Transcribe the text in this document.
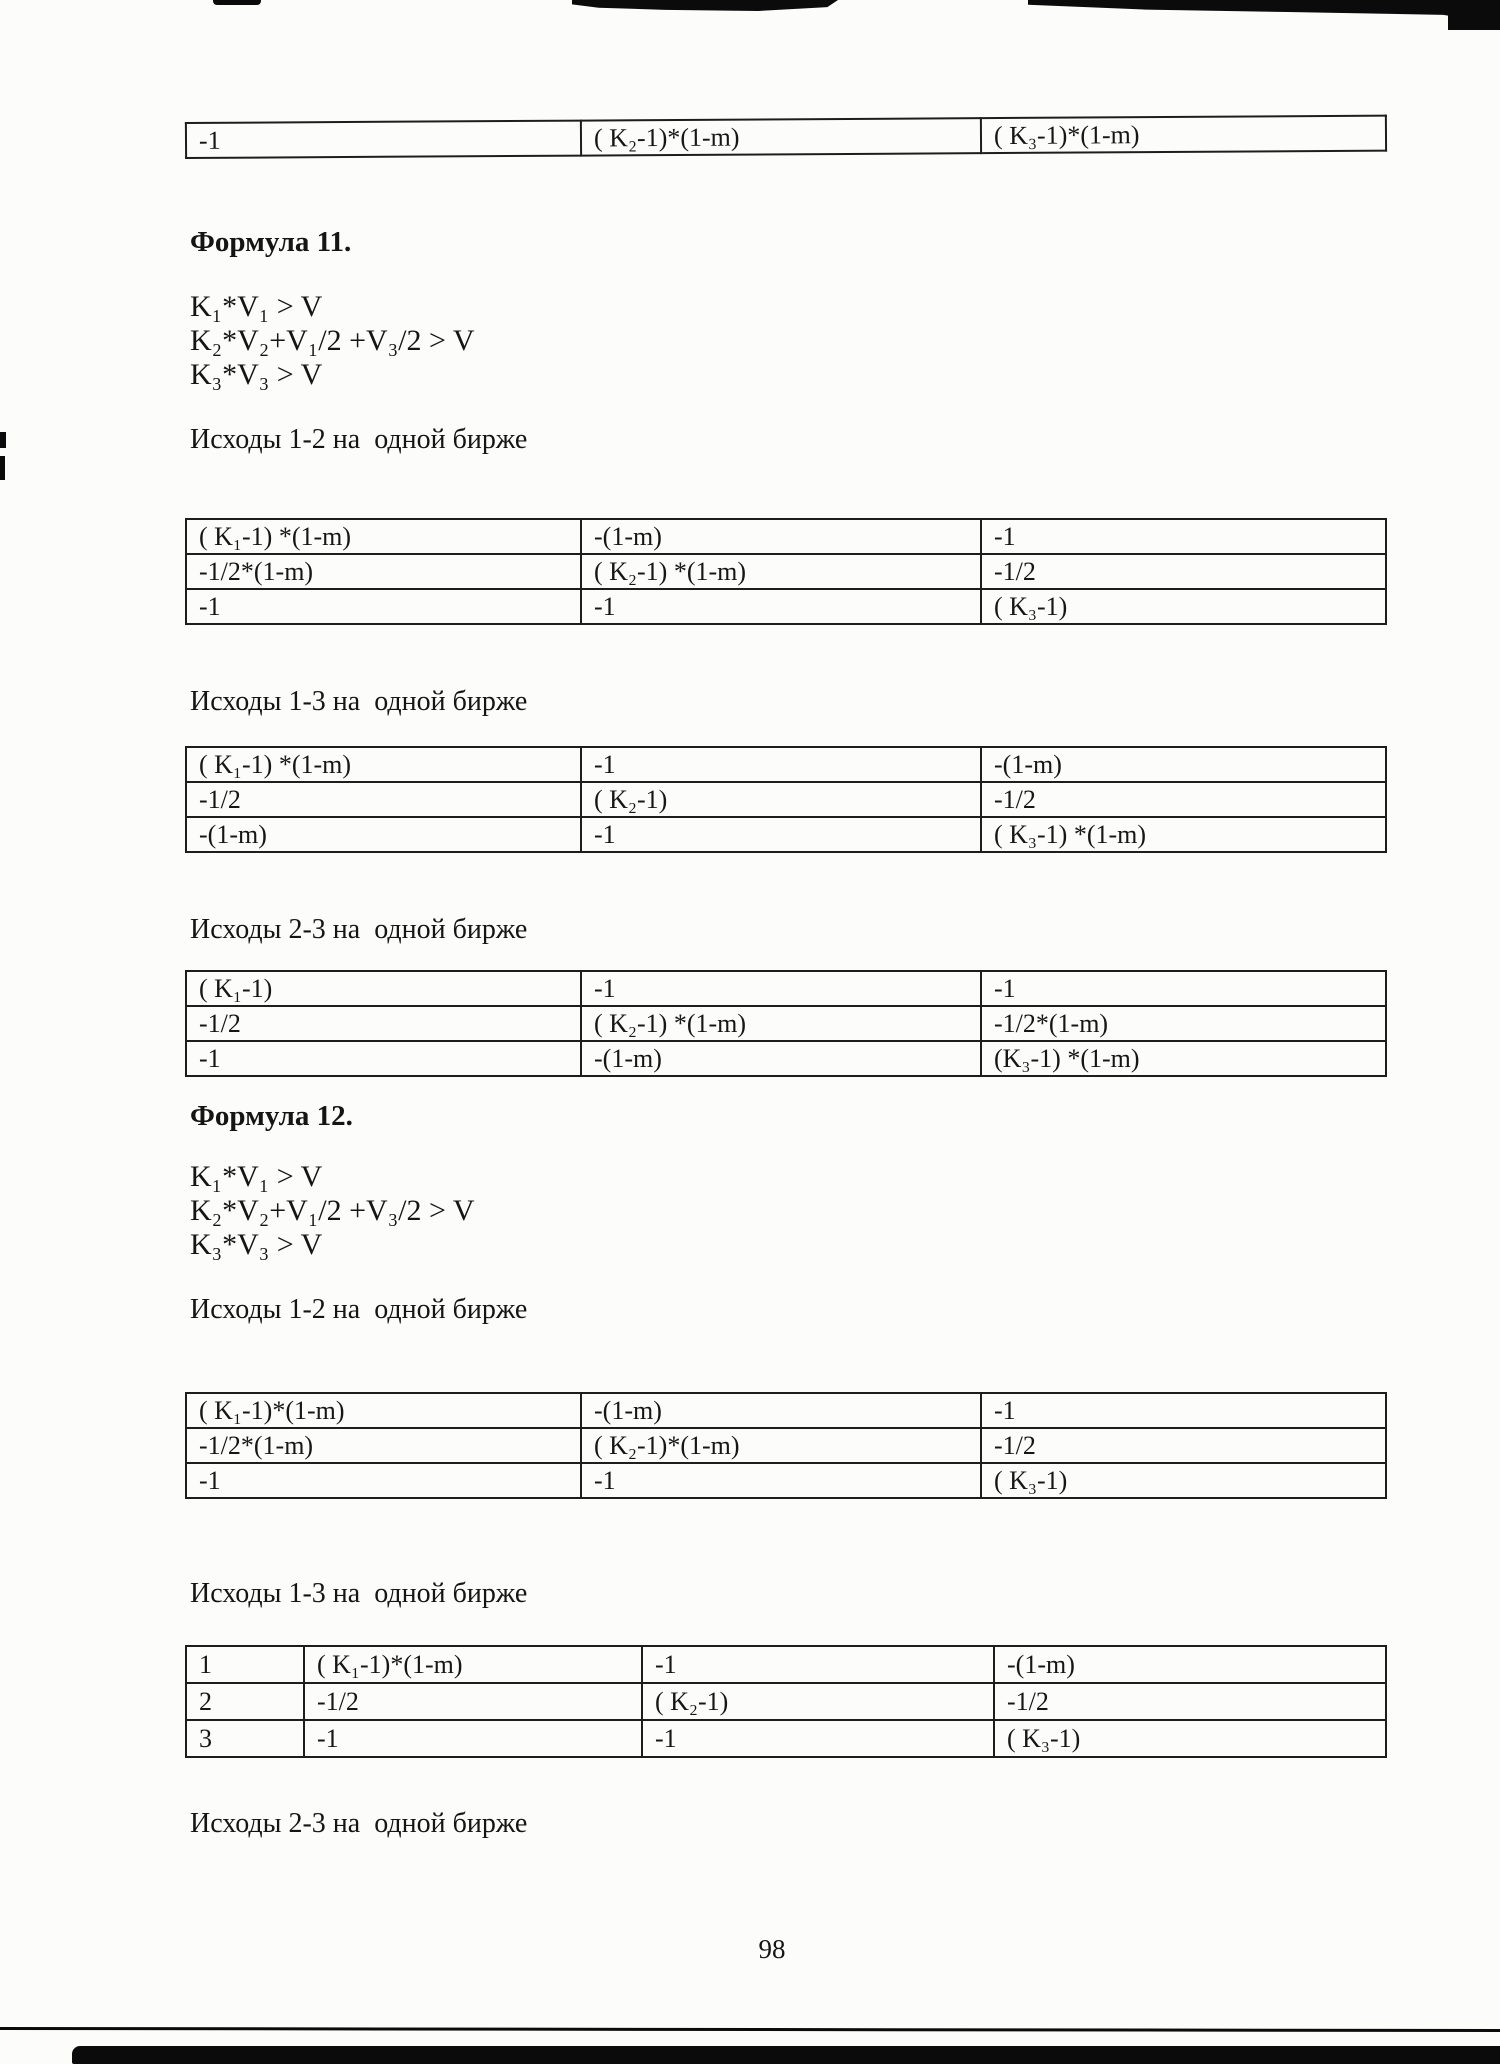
-1	( K₂-1)*(1-m)	( K₃-1)*(1-m)
Формула 11.
K₁*V₁ > V
K₂*V₂+V₁/2 +V₃/2 > V
K₃*V₃ > V
Исходы 1-2 на  одной бирже
( K₁-1) *(1-m)	-(1-m)	-1
-1/2*(1-m)	( K₂-1) *(1-m)	-1/2
-1	-1	( K₃-1)
Исходы 1-3 на  одной бирже
( K₁-1) *(1-m)	-1	-(1-m)
-1/2	( K₂-1)	-1/2
-(1-m)	-1	( K₃-1) *(1-m)
Исходы 2-3 на  одной бирже
( K₁-1)	-1	-1
-1/2	( K₂-1) *(1-m)	-1/2*(1-m)
-1	-(1-m)	(K₃-1) *(1-m)
Формула 12.
K₁*V₁ > V
K₂*V₂+V₁/2 +V₃/2 > V
K₃*V₃ > V
Исходы 1-2 на  одной бирже
( K₁-1)*(1-m)	-(1-m)	-1
-1/2*(1-m)	( K₂-1)*(1-m)	-1/2
-1	-1	( K₃-1)
Исходы 1-3 на  одной бирже
1	( K₁-1)*(1-m)	-1	-(1-m)
2	-1/2	( K₂-1)	-1/2
3	-1	-1	( K₃-1)
Исходы 2-3 на  одной бирже
98
